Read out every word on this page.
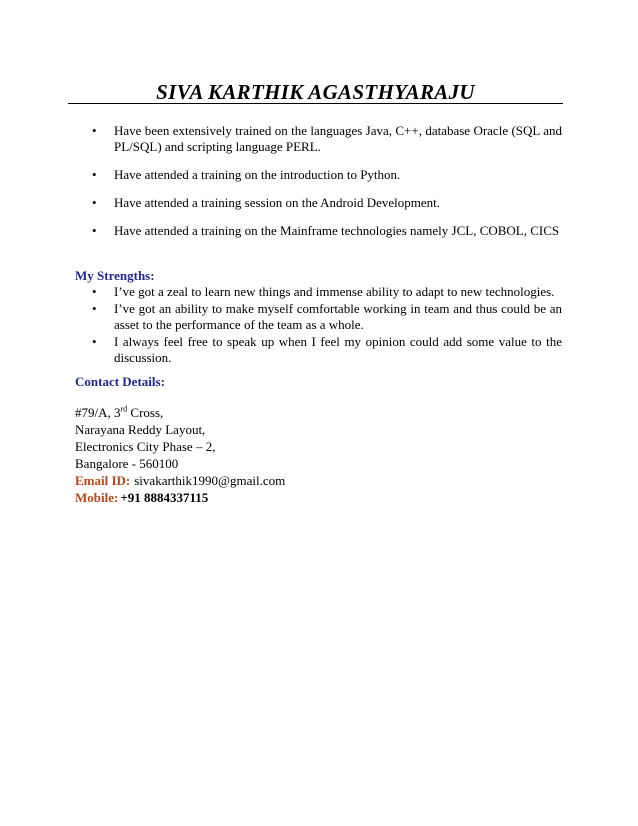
SIVA KARTHIK AGASTHYARAJU
• Have been extensively trained on the languages Java, C++, database Oracle (SQL and PL/SQL) and scripting language PERL.
• Have attended a training on the introduction to Python.
• Have attended a training session on the Android Development.
• Have attended a training on the Mainframe technologies namely JCL, COBOL, CICS
My Strengths:
• I’ve got a zeal to learn new things and immense ability to adapt to new technologies.
• I’ve got an ability to make myself comfortable working in team and thus could be an asset to the performance of the team as a whole.
• I always feel free to speak up when I feel my opinion could add some value to the discussion.
Contact Details:
#79/A, 3rd Cross,
Narayana Reddy Layout,
Electronics City Phase – 2,
Bangalore - 560100
Email ID: sivakarthik1990@gmail.com
Mobile: +91 8884337115
